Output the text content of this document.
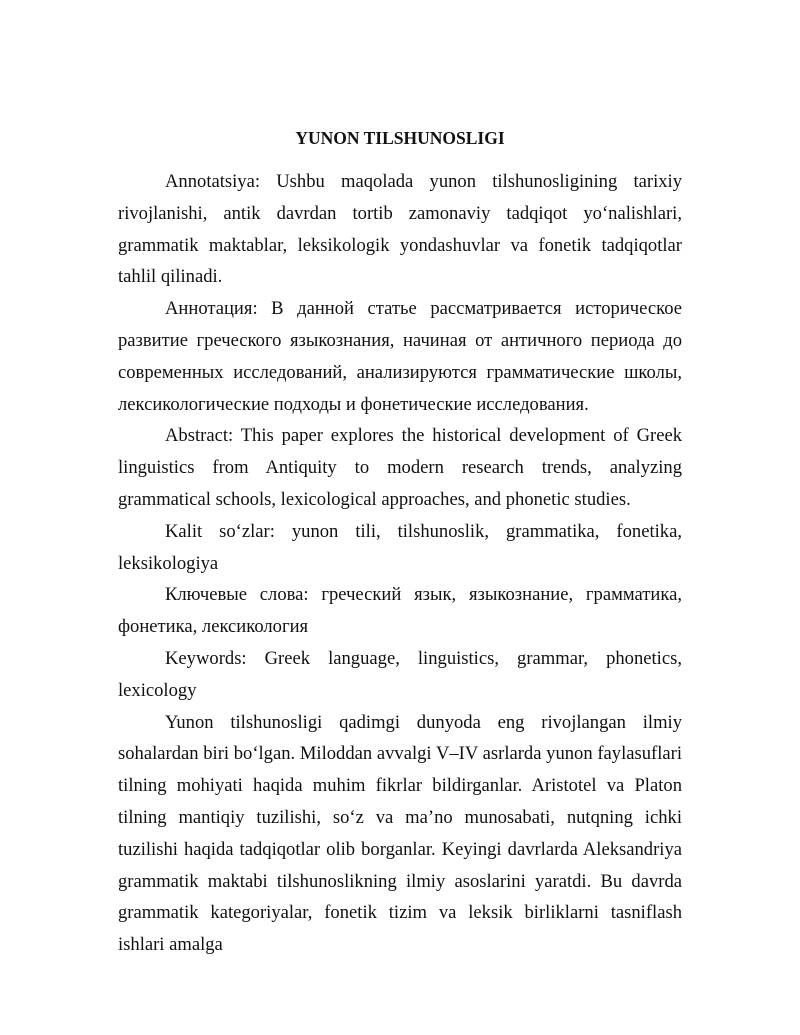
YUNON TILSHUNOSLIGI

Annotatsiya: Ushbu maqolada yunon tilshunosligining tarixiy rivojlanishi, antik davrdan tortib zamonaviy tadqiqot yo‘nalishlari, grammatik maktablar, leksikologik yondashuvlar va fonetik tadqiqotlar tahlil qilinadi.

Аннотация: В данной статье рассматривается историческое развитие греческого языкознания, начиная от античного периода до современных исследований, анализируются грамматические школы, лексикологические подходы и фонетические исследования.

Abstract: This paper explores the historical development of Greek linguistics from Antiquity to modern research trends, analyzing grammatical schools, lexicological approaches, and phonetic studies.

Kalit so‘zlar: yunon tili, tilshunoslik, grammatika, fonetika, leksikologiya

Ключевые слова: греческий язык, языкознание, грамматика, фонетика, лексикология

Keywords: Greek language, linguistics, grammar, phonetics, lexicology

Yunon tilshunosligi qadimgi dunyoda eng rivojlangan ilmiy sohalardan biri bo‘lgan. Miloddan avvalgi V–IV asrlarda yunon faylasuflari tilning mohiyati haqida muhim fikrlar bildirganlar. Aristotel va Platon tilning mantiqiy tuzilishi, so‘z va ma’no munosabati, nutqning ichki tuzilishi haqida tadqiqotlar olib borganlar. Keyingi davrlarda Aleksandriya grammatik maktabi tilshunoslikning ilmiy asoslarini yaratdi. Bu davrda grammatik kategoriyalar, fonetik tizim va leksik birliklarni tasniflash ishlari amalga
